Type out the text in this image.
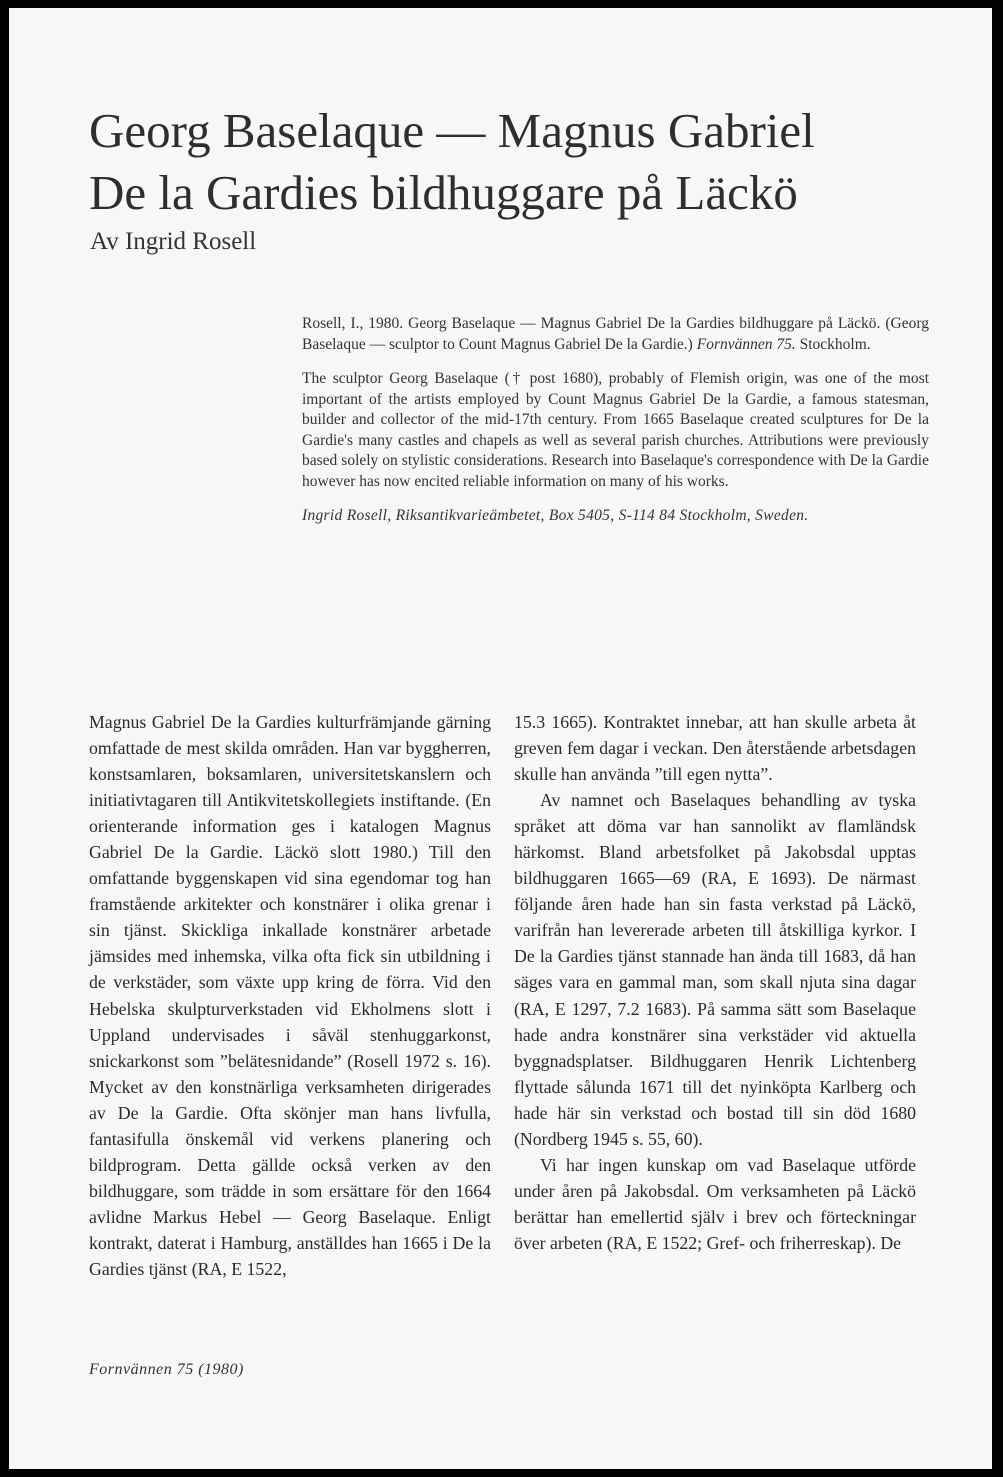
Georg Baselaque — Magnus Gabriel
De la Gardies bildhuggare på Läckö
Av Ingrid Rosell

Rosell, I., 1980. Georg Baselaque — Magnus Gabriel De la Gardies bildhuggare på Läckö. (Georg Baselaque — sculptor to Count Magnus Gabriel De la Gardie.) Fornvännen 75. Stockholm.

The sculptor Georg Baselaque († post 1680), probably of Flemish origin, was one of the most important of the artists employed by Count Magnus Gabriel De la Gardie, a famous statesman, builder and collector of the mid-17th century. From 1665 Baselaque created sculptures for De la Gardie's many castles and chapels as well as several parish churches. Attributions were previously based solely on stylistic considerations. Research into Baselaque's correspondence with De la Gardie however has now encited reliable information on many of his works.

Ingrid Rosell, Riksantikvarieämbetet, Box 5405, S-114 84 Stockholm, Sweden.

Magnus Gabriel De la Gardies kulturfrämjande gärning omfattade de mest skilda områden. Han var byggherren, konstsamlaren, boksamlaren, universitetskanslern och initiativtagaren till Antikvitetskollegiets instiftande. (En orienterande information ges i katalogen Magnus Gabriel De la Gardie. Läckö slott 1980.) Till den omfattande byggenskapen vid sina egendomar tog han framstående arkitekter och konstnärer i olika grenar i sin tjänst. Skickliga inkallade konstnärer arbetade jämsides med inhemska, vilka ofta fick sin utbildning i de verkstäder, som växte upp kring de förra. Vid den Hebelska skulpturverkstaden vid Ekholmens slott i Uppland undervisades i såväl stenhuggarkonst, snickarkonst som ”belätesnidande” (Rosell 1972 s. 16). Mycket av den konstnärliga verksamheten dirigerades av De la Gardie. Ofta skönjer man hans livfulla, fantasifulla önskemål vid verkens planering och bildprogram. Detta gällde också verken av den bildhuggare, som trädde in som ersättare för den 1664 avlidne Markus Hebel — Georg Baselaque. Enligt kontrakt, daterat i Hamburg, anställdes han 1665 i De la Gardies tjänst (RA, E 1522,

15.3 1665). Kontraktet innebar, att han skulle arbeta åt greven fem dagar i veckan. Den återstående arbetsdagen skulle han använda ”till egen nytta”.

Av namnet och Baselaques behandling av tyska språket att döma var han sannolikt av flamländsk härkomst. Bland arbetsfolket på Jakobsdal upptas bildhuggaren 1665—69 (RA, E 1693). De närmast följande åren hade han sin fasta verkstad på Läckö, varifrån han levererade arbeten till åtskilliga kyrkor. I De la Gardies tjänst stannade han ända till 1683, då han säges vara en gammal man, som skall njuta sina dagar (RA, E 1297, 7.2 1683). På samma sätt som Baselaque hade andra konstnärer sina verkstäder vid aktuella byggnadsplatser. Bildhuggaren Henrik Lichtenberg flyttade sålunda 1671 till det nyinköpta Karlberg och hade här sin verkstad och bostad till sin död 1680 (Nordberg 1945 s. 55, 60).

Vi har ingen kunskap om vad Baselaque utförde under åren på Jakobsdal. Om verksamheten på Läckö berättar han emellertid själv i brev och förteckningar över arbeten (RA, E 1522; Gref- och friherreskap). De

Fornvännen 75 (1980)
